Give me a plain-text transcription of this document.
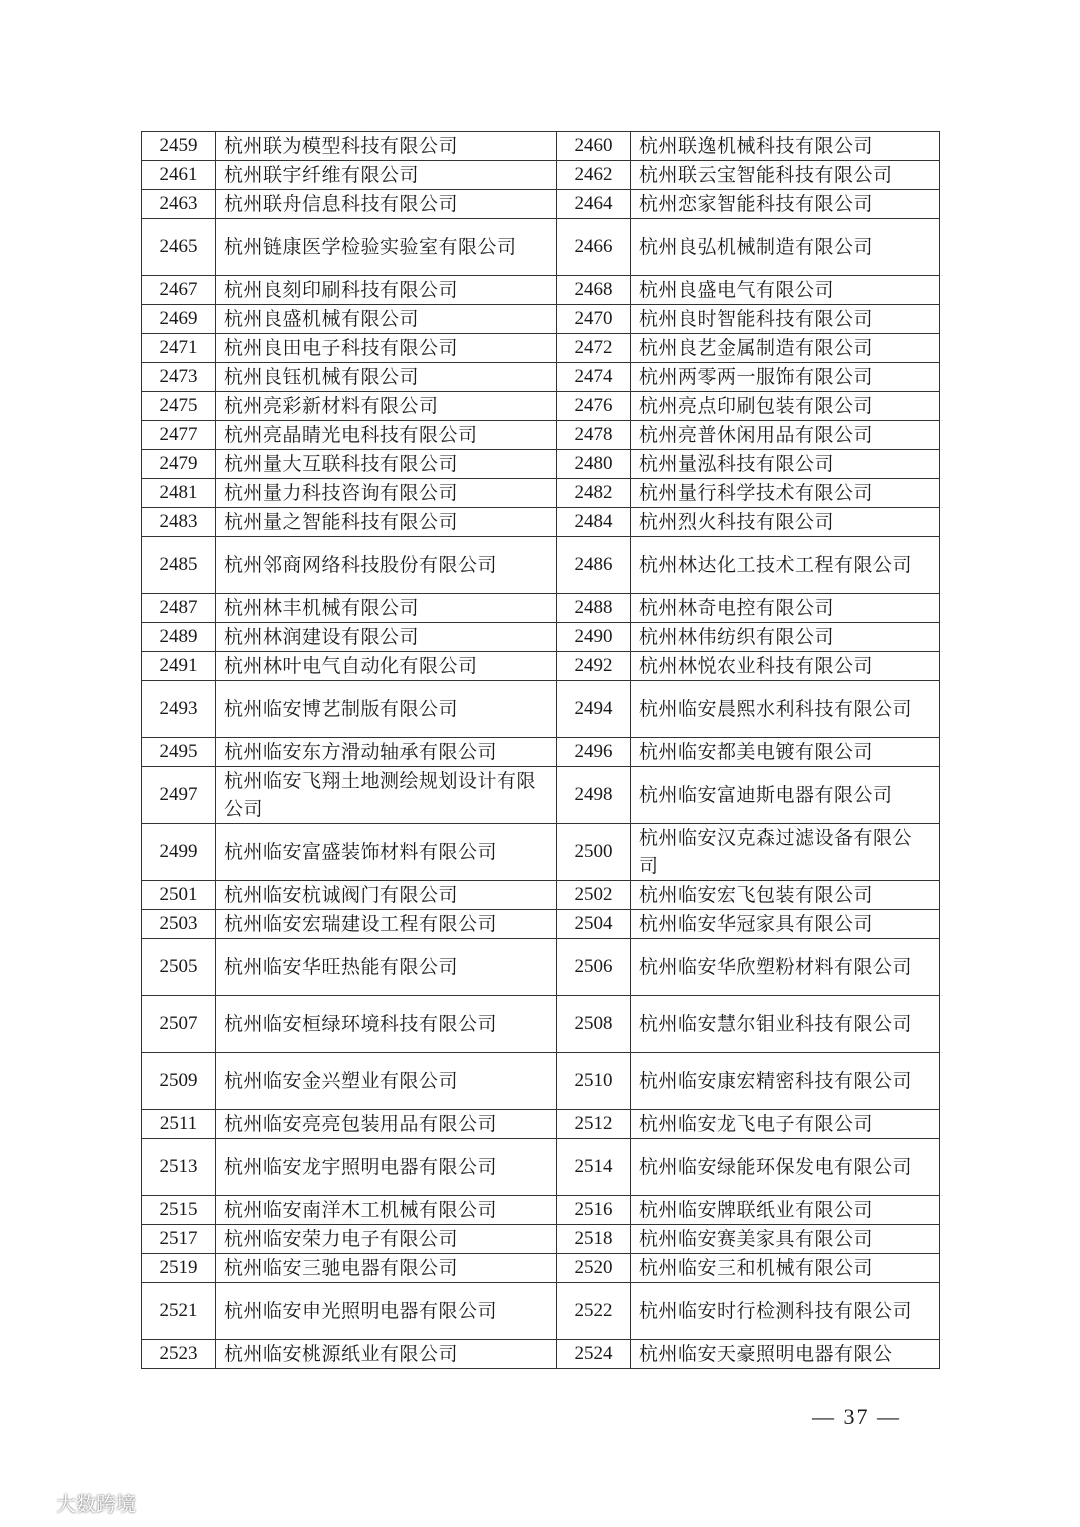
2459	杭州联为模型科技有限公司	2460	杭州联逸机械科技有限公司
2461	杭州联宇纤维有限公司	2462	杭州联云宝智能科技有限公司
2463	杭州联舟信息科技有限公司	2464	杭州恋家智能科技有限公司
2465	杭州链康医学检验实验室有限公司	2466	杭州良弘机械制造有限公司
2467	杭州良刻印刷科技有限公司	2468	杭州良盛电气有限公司
2469	杭州良盛机械有限公司	2470	杭州良时智能科技有限公司
2471	杭州良田电子科技有限公司	2472	杭州良艺金属制造有限公司
2473	杭州良钰机械有限公司	2474	杭州两零两一服饰有限公司
2475	杭州亮彩新材料有限公司	2476	杭州亮点印刷包装有限公司
2477	杭州亮晶睛光电科技有限公司	2478	杭州亮普休闲用品有限公司
2479	杭州量大互联科技有限公司	2480	杭州量泓科技有限公司
2481	杭州量力科技咨询有限公司	2482	杭州量行科学技术有限公司
2483	杭州量之智能科技有限公司	2484	杭州烈火科技有限公司
2485	杭州邻商网络科技股份有限公司	2486	杭州林达化工技术工程有限公司
2487	杭州林丰机械有限公司	2488	杭州林奇电控有限公司
2489	杭州林润建设有限公司	2490	杭州林伟纺织有限公司
2491	杭州林叶电气自动化有限公司	2492	杭州林悦农业科技有限公司
2493	杭州临安博艺制版有限公司	2494	杭州临安晨熙水利科技有限公司
2495	杭州临安东方滑动轴承有限公司	2496	杭州临安都美电镀有限公司
2497	杭州临安飞翔土地测绘规划设计有限公司	2498	杭州临安富迪斯电器有限公司
2499	杭州临安富盛装饰材料有限公司	2500	杭州临安汉克森过滤设备有限公司
2501	杭州临安杭诚阀门有限公司	2502	杭州临安宏飞包装有限公司
2503	杭州临安宏瑞建设工程有限公司	2504	杭州临安华冠家具有限公司
2505	杭州临安华旺热能有限公司	2506	杭州临安华欣塑粉材料有限公司
2507	杭州临安桓绿环境科技有限公司	2508	杭州临安慧尔钼业科技有限公司
2509	杭州临安金兴塑业有限公司	2510	杭州临安康宏精密科技有限公司
2511	杭州临安亮亮包装用品有限公司	2512	杭州临安龙飞电子有限公司
2513	杭州临安龙宇照明电器有限公司	2514	杭州临安绿能环保发电有限公司
2515	杭州临安南洋木工机械有限公司	2516	杭州临安牌联纸业有限公司
2517	杭州临安荣力电子有限公司	2518	杭州临安赛美家具有限公司
2519	杭州临安三驰电器有限公司	2520	杭州临安三和机械有限公司
2521	杭州临安申光照明电器有限公司	2522	杭州临安时行检测科技有限公司
2523	杭州临安桃源纸业有限公司	2524	杭州临安天豪照明电器有限公
— 37 —
大数跨境
